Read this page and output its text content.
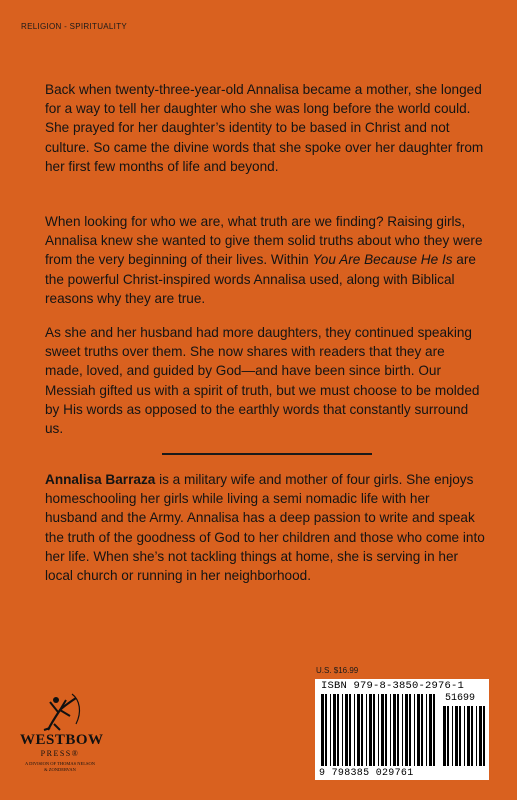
RELIGION - SPIRITUALITY

Back when twenty-three-year-old Annalisa became a mother, she longed for a way to tell her daughter who she was long before the world could. She prayed for her daughter’s identity to be based in Christ and not culture. So came the divine words that she spoke over her daughter from her first few months of life and beyond.

When looking for who we are, what truth are we finding? Raising girls, Annalisa knew she wanted to give them solid truths about who they were from the very beginning of their lives. Within You Are Because He Is are the powerful Christ-inspired words Annalisa used, along with Biblical reasons why they are true.

As she and her husband had more daughters, they continued speaking sweet truths over them. She now shares with readers that they are made, loved, and guided by God—and have been since birth. Our Messiah gifted us with a spirit of truth, but we must choose to be molded by His words as opposed to the earthly words that constantly surround us.

Annalisa Barraza is a military wife and mother of four girls. She enjoys homeschooling her girls while living a semi nomadic life with her husband and the Army. Annalisa has a deep passion to write and speak the truth of the goodness of God to her children and those who come into her life. When she’s not tackling things at home, she is serving in her local church or running in her neighborhood.

U.S. $16.99
ISBN 979-8-3850-2976-1
51699
9 798385 029761
WESTBOW
PRESS®
A DIVISION OF THOMAS NELSON
& ZONDERVAN
